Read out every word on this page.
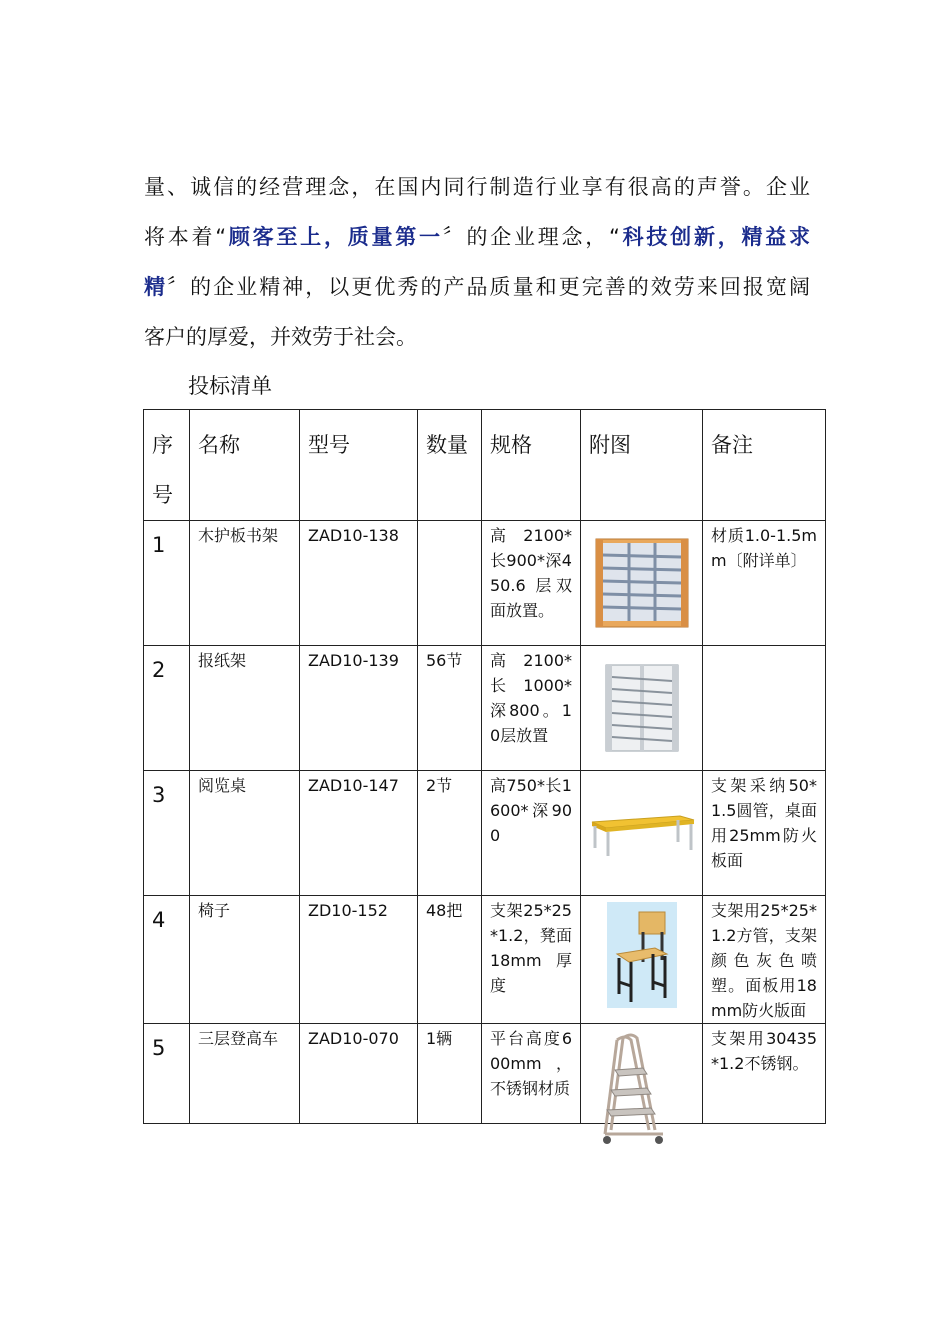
量、诚信的经营理念，在国内同行制造行业享有很高的声誉。企业
将本着“顾客至上，质量第一〞的企业理念，“科技创新，精益求
精〞的企业精神，以更优秀的产品质量和更完善的效劳来回报宽阔
客户的厚爱，并效劳于社会。
投标清单
序号	名称	型号	数量	规格	附图	备注

1	木护板书架	ZAD10-138		高 2100*长900*深450.6 层双面放置。		材质1.0-1.5mm〔附详单〕

2	报纸架	ZAD10-139	56节	高 2100*长 1000*深800。10层放置

3	阅览桌	ZAD10-147	2节	高750*长1600*深900		支架采纳50*1.5圆管，桌面用25mm防火板面

4	椅子	ZD10-152	48把	支架25*25*1.2，凳面18mm厚度		支架用25*25*1.2方管，支架颜色灰色喷塑。面板用18mm防火版面

5	三层登高车	ZAD10-070	1辆	平台高度600mm，不锈钢材质		支架用30435*1.2不锈钢。
